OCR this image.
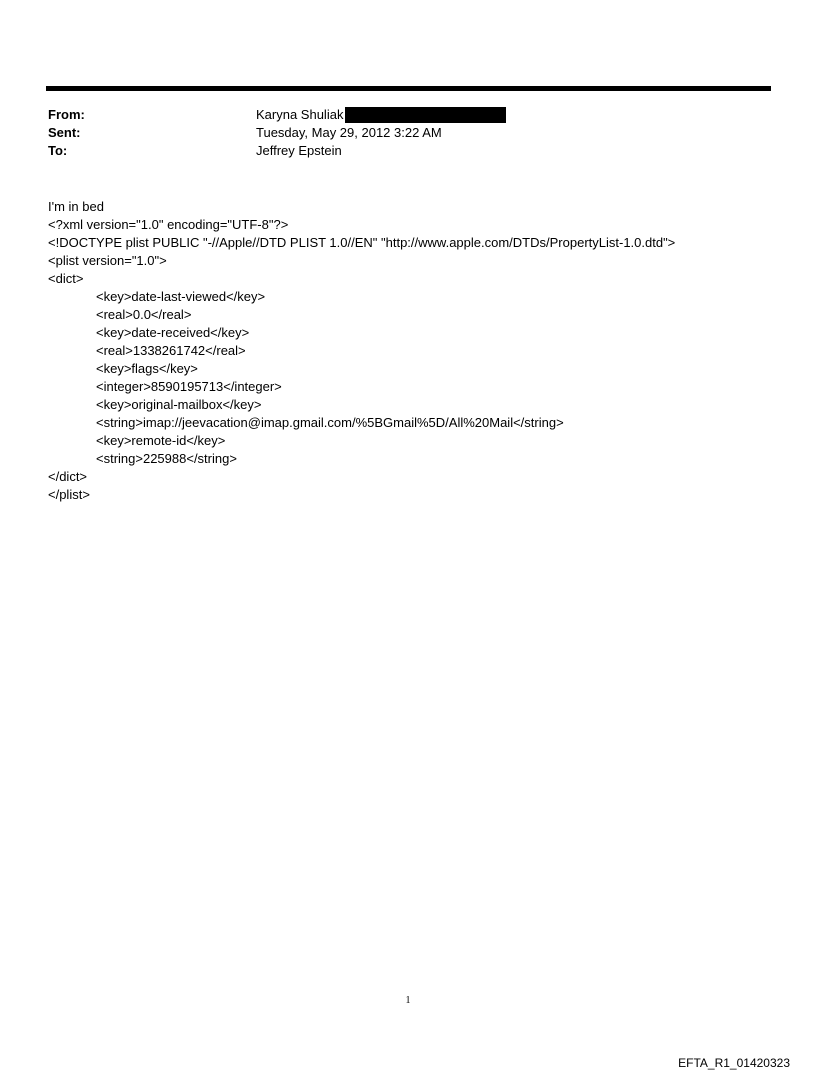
From:	Karyna Shuliak
Sent:	Tuesday, May 29, 2012 3:22 AM
To:	Jeffrey Epstein
I'm in bed
<?xml version="1.0" encoding="UTF-8"?>
<!DOCTYPE plist PUBLIC "-//Apple//DTD PLIST 1.0//EN" "http://www.apple.com/DTDs/PropertyList-1.0.dtd">
<plist version="1.0">
<dict>
<key>date-last-viewed</key>
<real>0.0</real>
<key>date-received</key>
<real>1338261742</real>
<key>flags</key>
<integer>8590195713</integer>
<key>original-mailbox</key>
<string>imap://jeevacation@imap.gmail.com/%5BGmail%5D/All%20Mail</string>
<key>remote-id</key>
<string>225988</string>
</dict>
</plist>
1
EFTA_R1_01420323
